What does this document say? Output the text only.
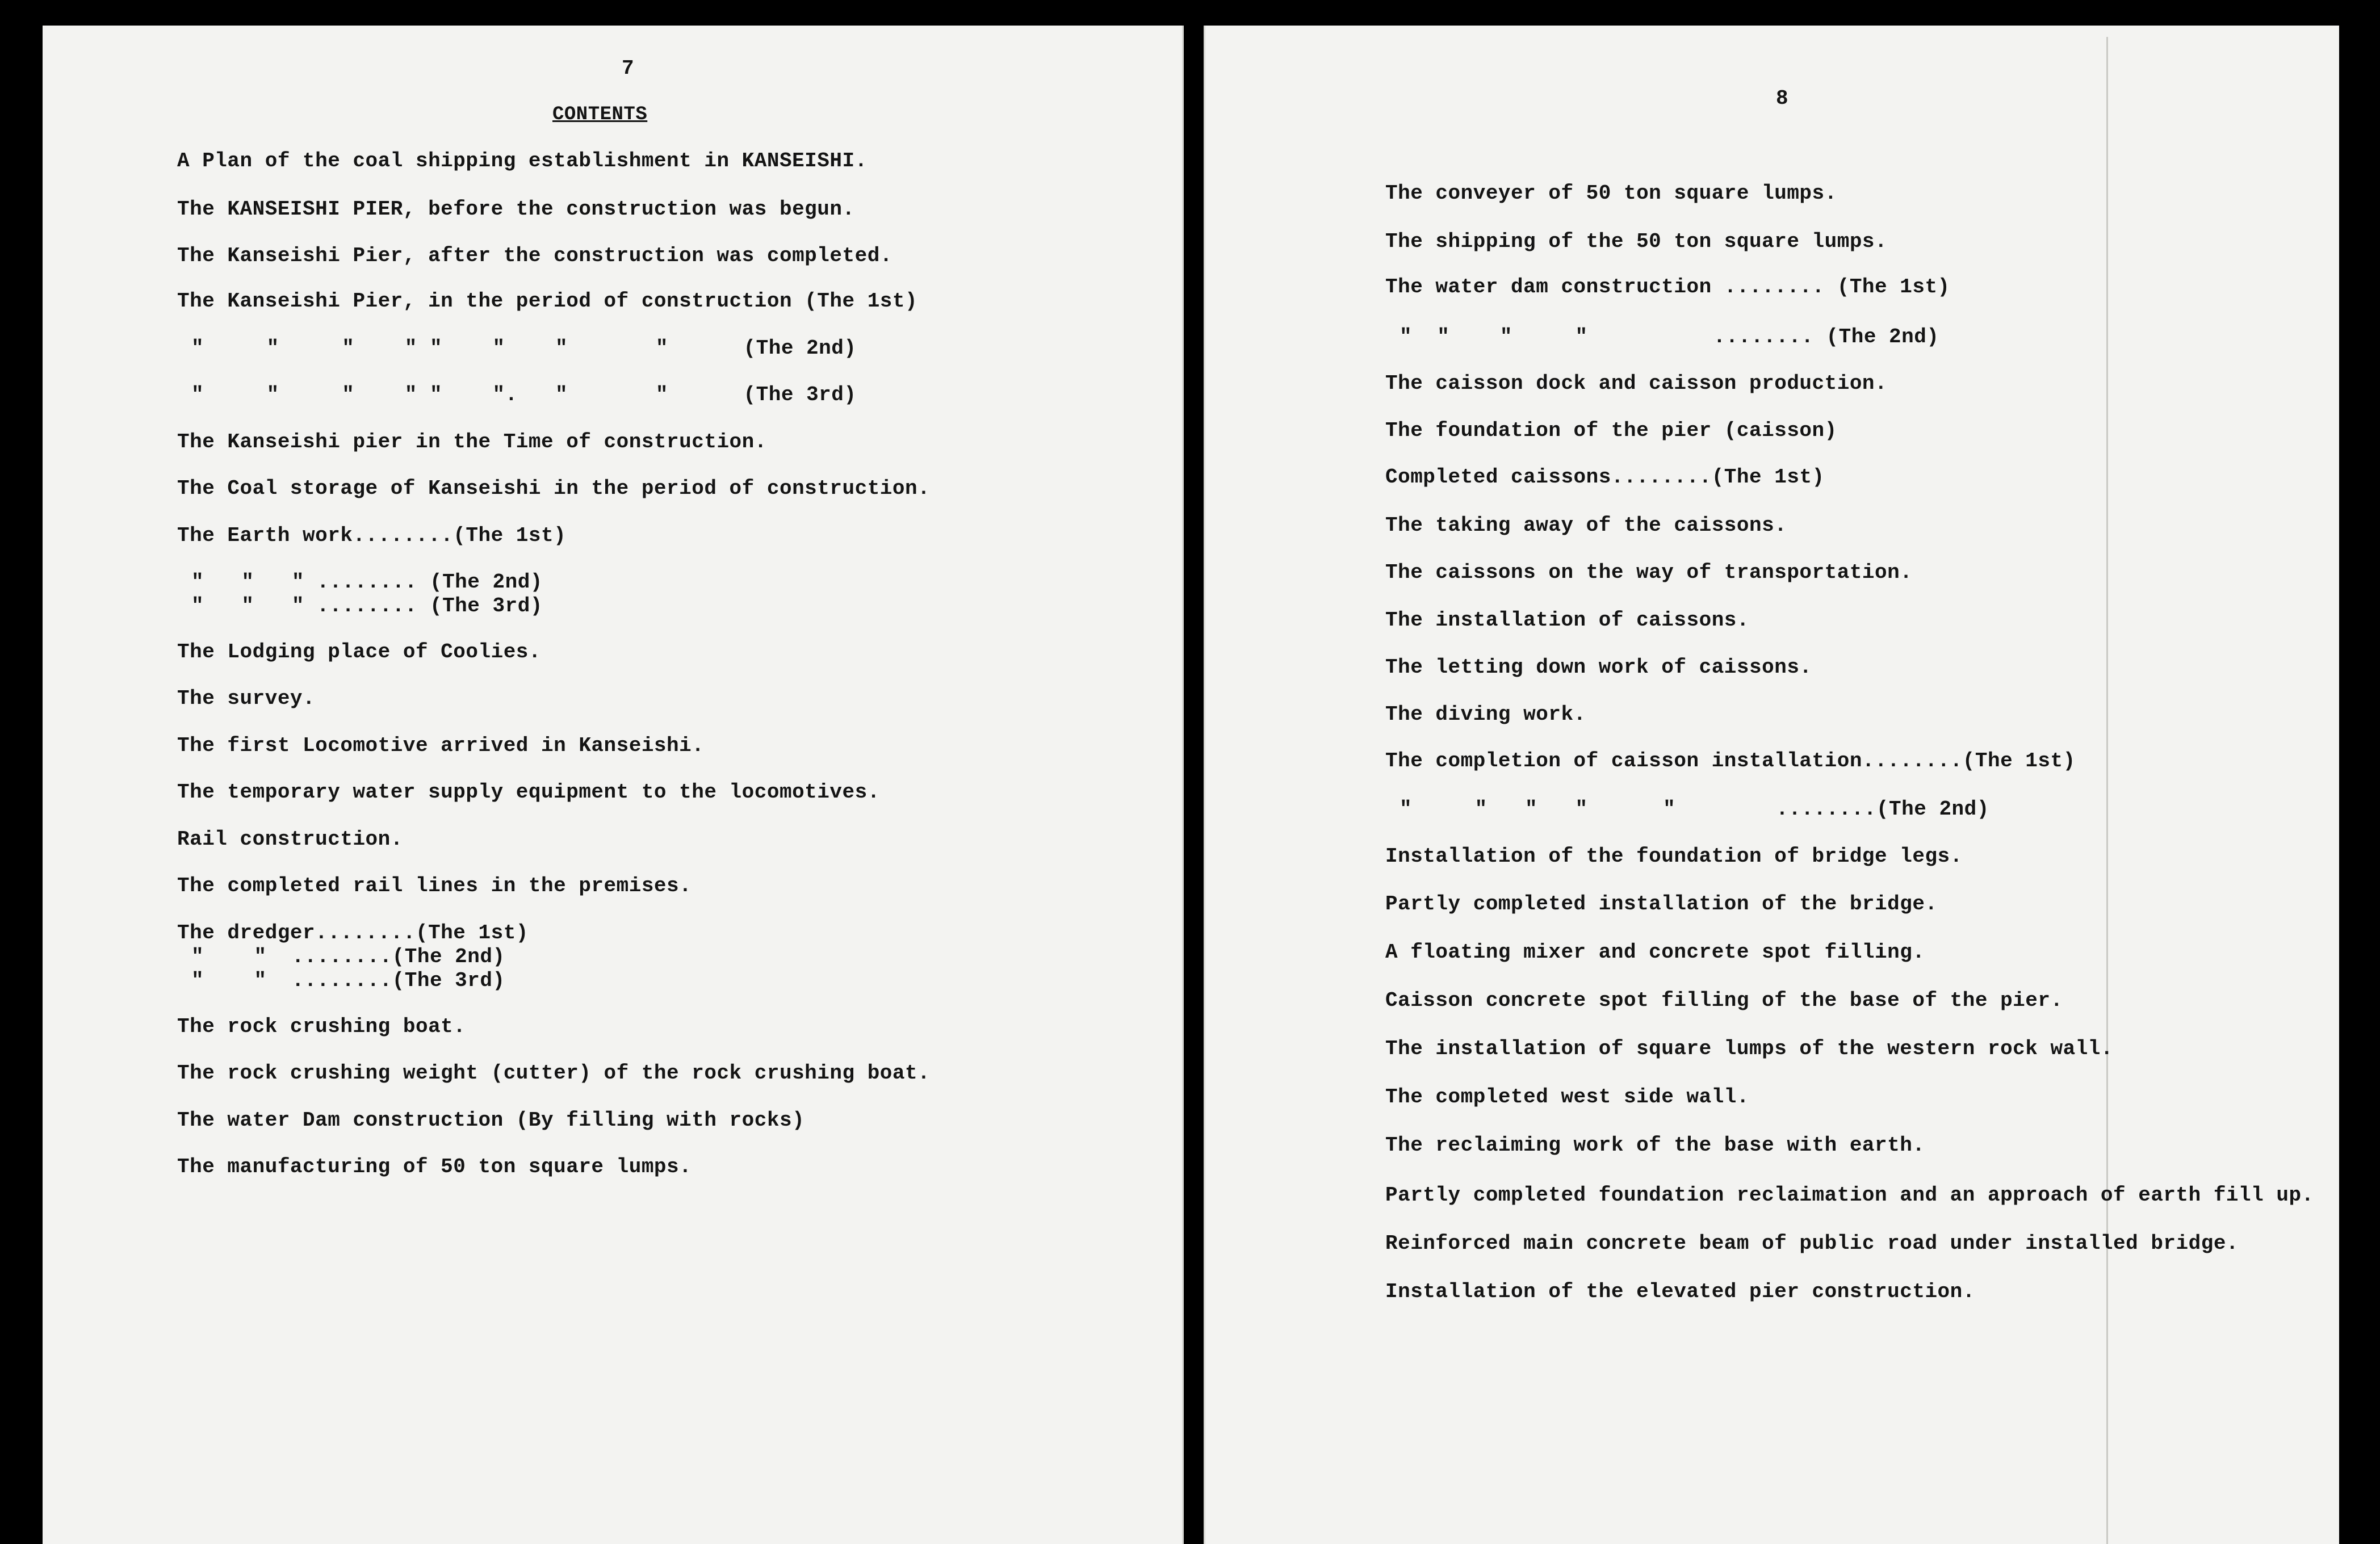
7

CONTENTS

A Plan of the coal shipping establishment in KANSEISHI.

The KANSEISHI PIER, before the construction was begun.

The Kanseishi Pier, after the construction was completed.

The Kanseishi Pier, in the period of construction (The 1st)

"     "     "    " "    "    "       "      (The 2nd)

"     "     "    " "    ".   "       "      (The 3rd)

The Kanseishi pier in the Time of construction.

The Coal storage of Kanseishi in the period of construction.

The Earth work........(The 1st)

"   "   " ........ (The 2nd)

"   "   " ........ (The 3rd)

The Lodging place of Coolies.

The survey.

The first Locomotive arrived in Kanseishi.

The temporary water supply equipment to the locomotives.

Rail construction.

The completed rail lines in the premises.

The dredger........(The 1st)

"    "  ........(The 2nd)

"    "  ........(The 3rd)

The rock crushing boat.

The rock crushing weight (cutter) of the rock crushing boat.

The water Dam construction (By filling with rocks)

The manufacturing of 50 ton square lumps.

8

The conveyer of 50 ton square lumps.

The shipping of the 50 ton square lumps.

The water dam construction ........ (The 1st)

"  "    "     "          ........ (The 2nd)

The caisson dock and caisson production.

The foundation of the pier (caisson)

Completed caissons........(The 1st)

The taking away of the caissons.

The caissons on the way of transportation.

The installation of caissons.

The letting down work of caissons.

The diving work.

The completion of caisson installation........(The 1st)

"     "   "   "      "        ........(The 2nd)

Installation of the foundation of bridge legs.

Partly completed installation of the bridge.

A floating mixer and concrete spot filling.

Caisson concrete spot filling of the base of the pier.

The installation of square lumps of the western rock wall.

The completed west side wall.

The reclaiming work of the base with earth.

Partly completed foundation reclaimation and an approach of earth fill up.

Reinforced main concrete beam of public road under installed bridge.

Installation of the elevated pier construction.
